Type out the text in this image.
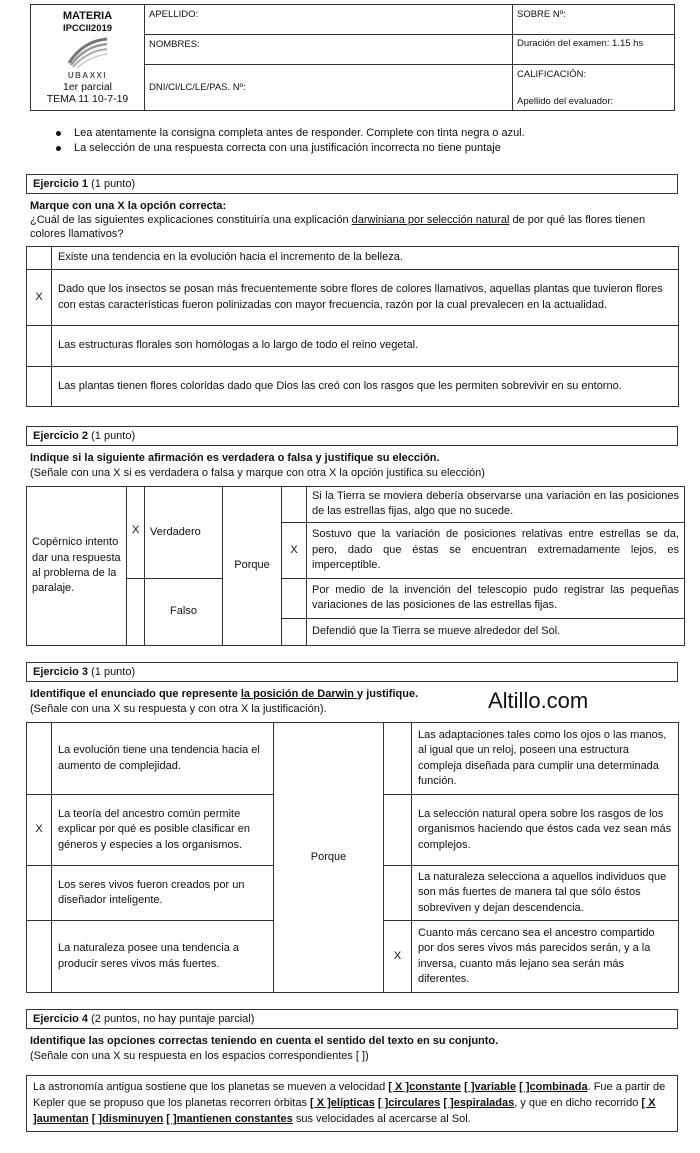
MATERIA
IPCCII2019
UBAXXI
1er parcial
TEMA 11 10-7-19	APELLIDO:	SOBRE Nº:
	NOMBRES:	Duración del examen: 1.15 hs
	DNI/CI/LC/LE/PAS. Nº:	CALIFICACIÓN:
Apellido del evaluador:
Lea atentamente la consigna completa antes de responder. Complete con tinta negra o azul.
La selección de una respuesta correcta con una justificación incorrecta no tiene puntaje
Ejercicio 1 (1 punto)
Marque con una X la opción correcta:
¿Cuál de las siguientes explicaciones constituiría una explicación darwiniana por selección natural de por qué las flores tienen colores llamativos?
	Existe una tendencia en la evolución hacia el incremento de la belleza.
X	Dado que los insectos se posan más frecuentemente sobre flores de colores llamativos, aquellas plantas que tuvieron flores con estas características fueron polinizadas con mayor frecuencia, razón por la cual prevalecen en la actualidad.
	Las estructuras florales son homólogas a lo largo de todo el reino vegetal.
	Las plantas tienen flores coloridas dado que Dios las creó con los rasgos que les permiten sobrevivir en su entorno.
Ejercicio 2 (1 punto)
Indique si la siguiente afirmación es verdadera o falsa y justifique su elección.
(Señale con una X si es verdadera o falsa y marque con otra X la opción justifica su elección)
Copérnico intento dar una respuesta al problema de la paralaje.	X	Verdadero	Porque		Si la Tierra se moviera debería observarse una variación en las posiciones de las estrellas fijas, algo que no sucede.
				X	Sostuvo que la variación de posiciones relativas entre estrellas se da, pero, dado que éstas se encuentran extremadamente lejos, es imperceptible.
		Falso			Por medio de la invención del telescopio pudo registrar las pequeñas variaciones de las posiciones de las estrellas fijas.
					Defendió que la Tierra se mueve alrededor del Sol.
Ejercicio 3 (1 punto)
Identifique el enunciado que represente la posición de Darwin y justifique.
(Señale con una X su respuesta y con otra X la justificación).	Altillo.com
	La evolución tiene una tendencia hacia el aumento de complejidad.	Porque		Las adaptaciones tales como los ojos o las manos, al igual que un reloj, poseen una estructura compleja diseñada para cumplir una determinada función.
X	La teoría del ancestro común permite explicar por qué es posible clasificar en géneros y especies a los organismos.			La selección natural opera sobre los rasgos de los organismos haciendo que éstos cada vez sean más complejos.
	Los seres vivos fueron creados por un diseñador inteligente.			La naturaleza selecciona a aquellos individuos que son más fuertes de manera tal que sólo éstos sobreviven y dejan descendencia.
	La naturaleza posee una tendencia a producir seres vivos más fuertes.		X	Cuanto más cercano sea el ancestro compartido por dos seres vivos más parecidos serán, y a la inversa, cuanto más lejano sea serán más diferentes.
Ejercicio 4 (2 puntos, no hay puntaje parcial)
Identifique las opciones correctas teniendo en cuenta el sentido del texto en su conjunto.
(Señale con una X su respuesta en los espacios correspondientes [ ])
La astronomía antigua sostiene que los planetas se mueven a velocidad [ X ]constante [ ]variable [ ]combinada. Fue a partir de Kepler que se propuso que los planetas recorren órbitas [ X ]elípticas [ ]circulares [ ]espiraladas, y que en dicho recorrido [ X ]aumentan [ ]disminuyen [ ]mantienen constantes sus velocidades al acercarse al Sol.
